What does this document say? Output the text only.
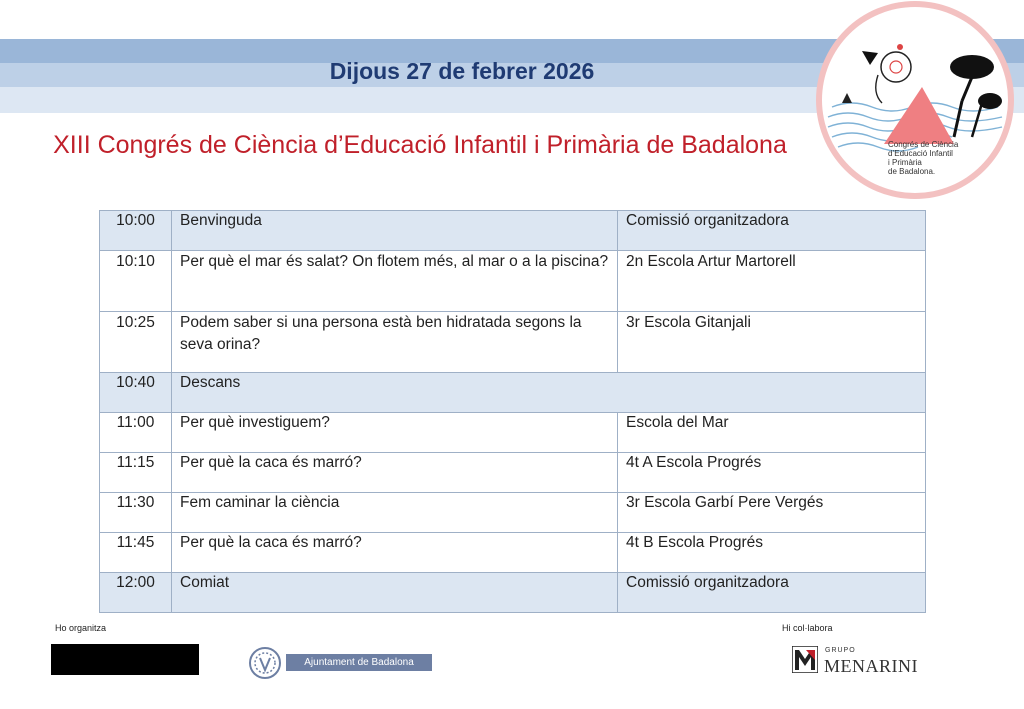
Dijous 27 de febrer 2026
XIII Congrés de Ciència d’Educació Infantil i Primària de Badalona	Congrés de Ciència
d’Educació Infantil
i Primària
de Badalona.
10:00	Benvinguda	Comissió organitzadora
10:10	Per què el mar és salat? On flotem més, al mar o a la piscina?	2n Escola Artur Martorell
10:25	Podem saber si una persona està ben hidratada segons la seva orina?	3r Escola Gitanjali
10:40	Descans	
11:00	Per què investiguem?	Escola del Mar
11:15	Per què la caca és marró?	4t A Escola Progrés
11:30	Fem caminar la ciència	3r Escola Garbí Pere Vergés
11:45	Per què la caca és marró?	4t B Escola Progrés
12:00	Comiat	Comissió organitzadora
Ho organitza
Ajuntament de Badalona
Hi col·labora
GRUPO
MENARINI
